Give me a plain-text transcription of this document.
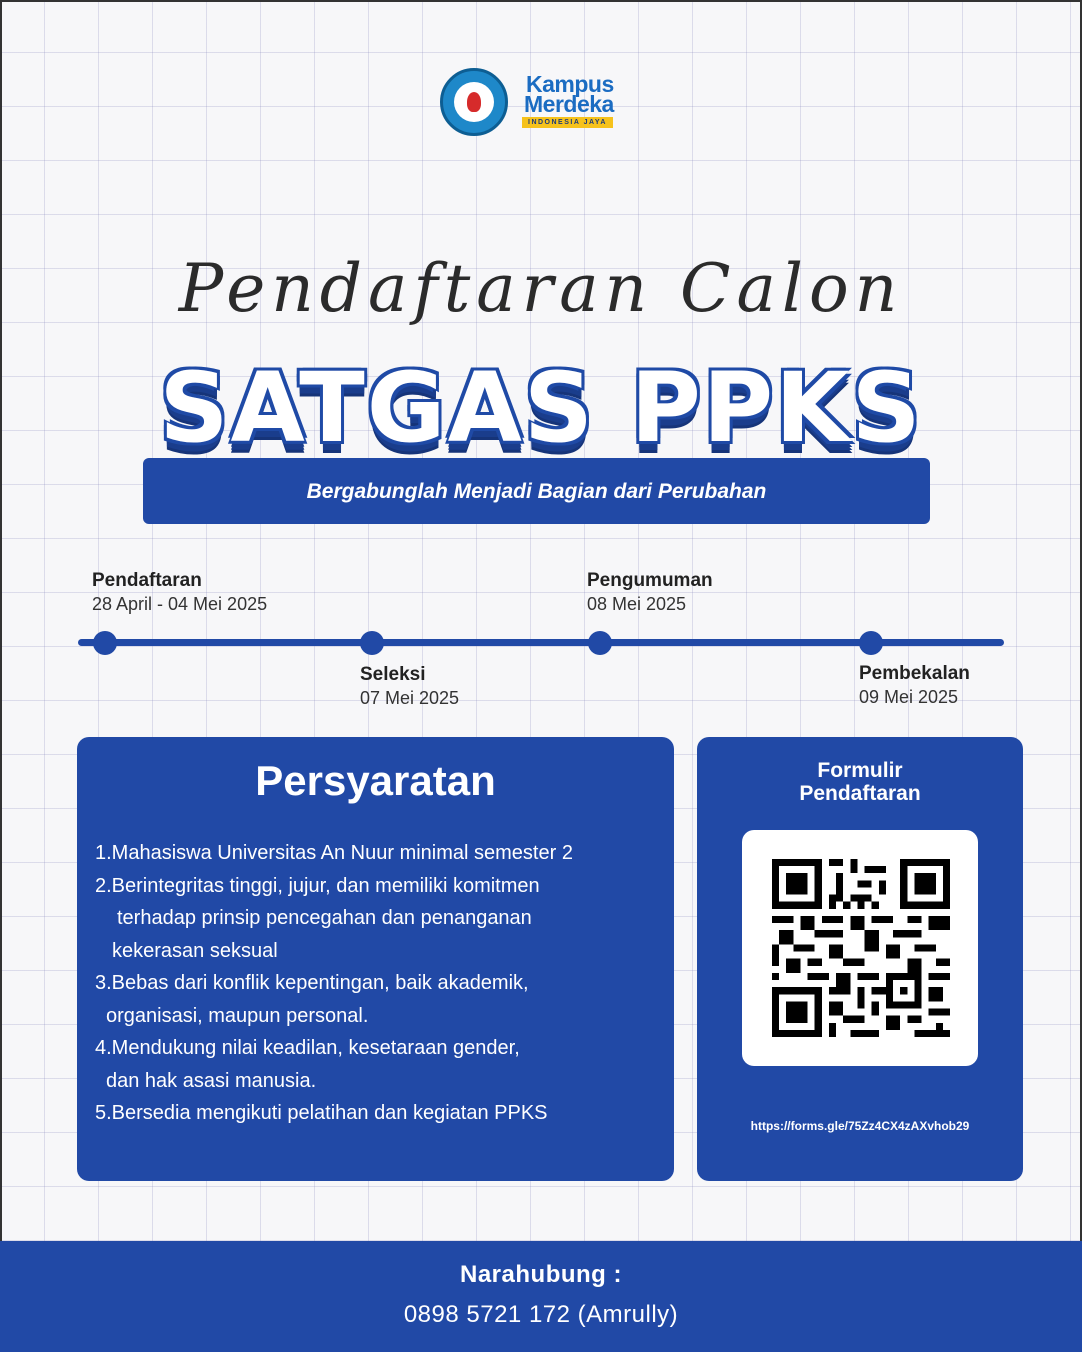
Kampus
Merdeka
INDONESIA JAYA
Pendaftaran Calon
SATGAS PPKS
Bergabunglah Menjadi Bagian dari Perubahan
Pendaftaran
28 April - 04 Mei 2025
Seleksi
07 Mei 2025
Pengumuman
08 Mei 2025
Pembekalan
09 Mei 2025
Persyaratan
1.Mahasiswa Universitas An Nuur minimal semester 2
2.Berintegritas tinggi, jujur, dan memiliki komitmen
terhadap prinsip pencegahan dan penanganan
kekerasan seksual
3.Bebas dari konflik kepentingan, baik akademik,
organisasi, maupun personal.
4.Mendukung nilai keadilan, kesetaraan gender,
dan hak asasi manusia.
5.Bersedia mengikuti pelatihan dan kegiatan PPKS
Formulir
Pendaftaran
https://forms.gle/75Zz4CX4zAXvhob29
Narahubung :
0898 5721 172 (Amrully)
